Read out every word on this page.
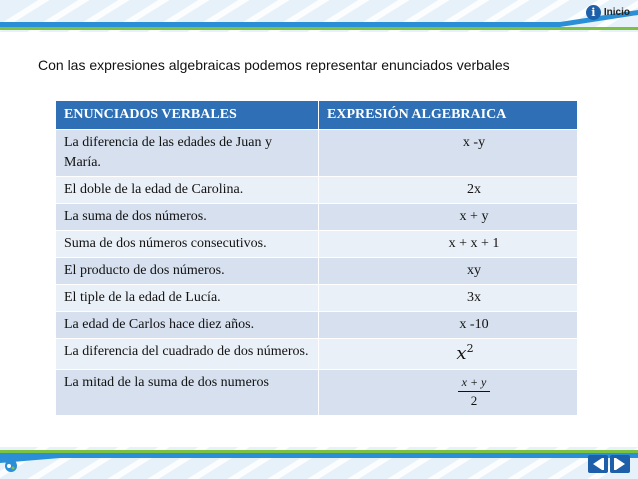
i Inicio
Con las expresiones algebraicas podemos representar enunciados verbales
ENUNCIADOS VERBALES	EXPRESIÓN ALGEBRAICA
La diferencia de las edades de Juan y María.	x -y
El doble de la edad de Carolina.	2x
La suma de dos números.	x + y
Suma de dos números consecutivos.	x + x + 1
El producto de dos números.	xy
El tiple de la edad de Lucía.	3x
La edad de Carlos hace diez años.	x -10
La diferencia del cuadrado de dos números.	$x^2$
La mitad de la suma de dos numeros	$\frac{x + y}{2}$
